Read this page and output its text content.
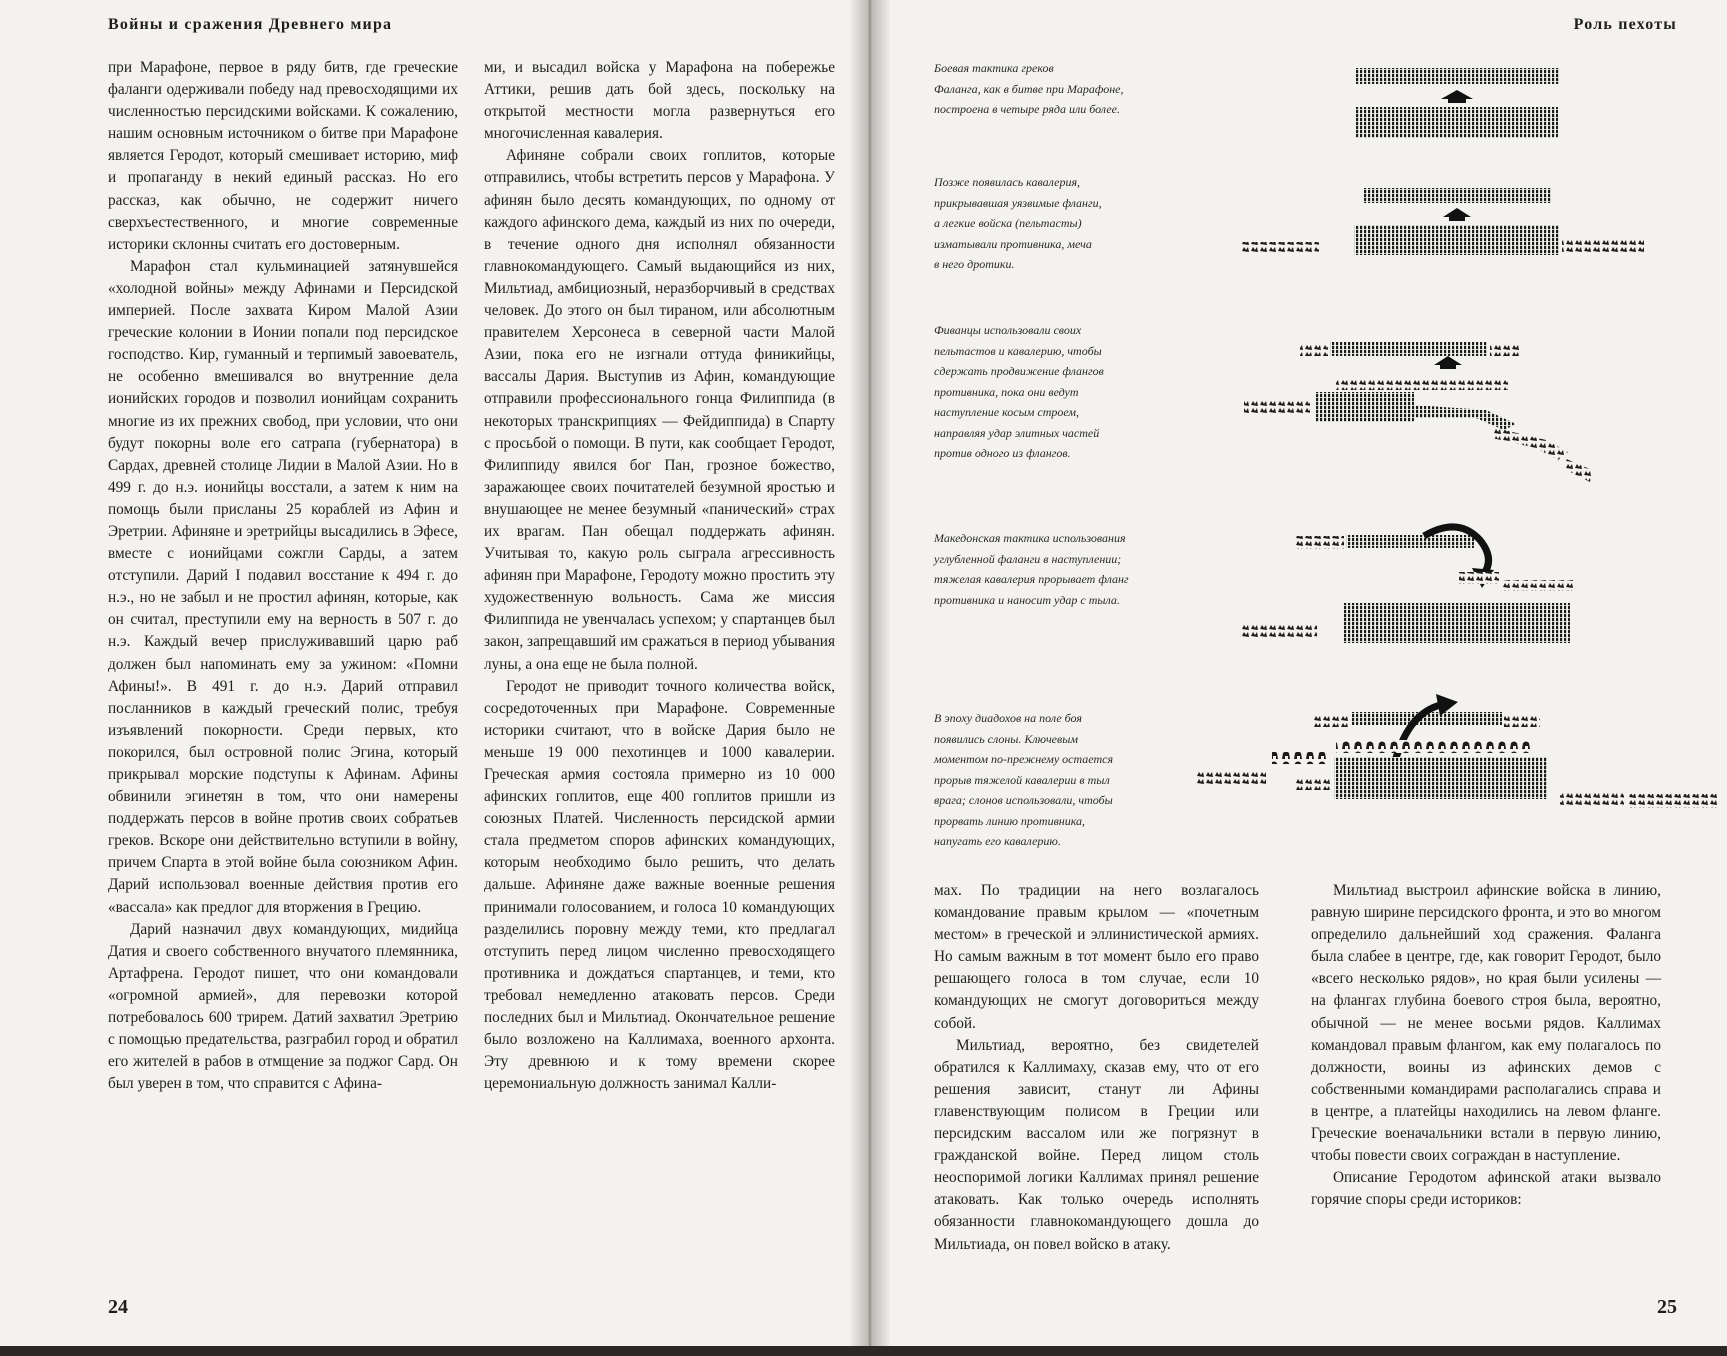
Войны и сражения Древнего мира

при Марафоне, первое в ряду битв, где греческие фаланги одерживали победу над превосходящими их численностью персидскими войсками. К сожалению, нашим основным источником о битве при Марафоне является Геродот, который смешивает историю, миф и пропаганду в некий единый рассказ. Но его рассказ, как обычно, не содержит ничего сверхъестественного, и многие современные историки склонны считать его достоверным.

Марафон стал кульминацией затянувшейся «холодной войны» между Афинами и Персидской империей. После захвата Киром Малой Азии греческие колонии в Ионии попали под персидское господство. Кир, гуманный и терпимый завоеватель, не особенно вмешивался во внутренние дела ионийских городов и позволил ионийцам сохранить многие из их прежних свобод, при условии, что они будут покорны воле его сатрапа (губернатора) в Сардах, древней столице Лидии в Малой Азии. Но в 499 г. до н.э. ионийцы восстали, а затем к ним на помощь были присланы 25 кораблей из Афин и Эретрии. Афиняне и эретрийцы высадились в Эфесе, вместе с ионийцами сожгли Сарды, а затем отступили. Дарий I подавил восстание к 494 г. до н.э., но не забыл и не простил афинян, которые, как он считал, преступили ему на верность в 507 г. до н.э. Каждый вечер прислуживавший царю раб должен был напоминать ему за ужином: «Помни Афины!». В 491 г. до н.э. Дарий отправил посланников в каждый греческий полис, требуя изъявлений покорности. Среди первых, кто покорился, был островной полис Эгина, который прикрывал морские подступы к Афинам. Афины обвинили эгинетян в том, что они намерены поддержать персов в войне против своих собратьев греков. Вскоре они действительно вступили в войну, причем Спарта в этой войне была союзником Афин. Дарий использовал военные действия против его «вассала» как предлог для вторжения в Грецию.

Дарий назначил двух командующих, мидийца Датия и своего собственного внучатого племянника, Артафрена. Геродот пишет, что они командовали «огромной армией», для перевозки которой потребовалось 600 трирем. Датий захватил Эретрию с помощью предательства, разграбил город и обратил его жителей в рабов в отмщение за поджог Сард. Он был уверен в том, что справится с Афина-

ми, и высадил войска у Марафона на побережье Аттики, решив дать бой здесь, поскольку на открытой местности могла развернуться его многочисленная кавалерия.

Афиняне собрали своих гоплитов, которые отправились, чтобы встретить персов у Марафона. У афинян было десять командующих, по одному от каждого афинского дема, каждый из них по очереди, в течение одного дня исполнял обязанности главнокомандующего. Самый выдающийся из них, Мильтиад, амбициозный, неразборчивый в средствах человек. До этого он был тираном, или абсолютным правителем Херсонеса в северной части Малой Азии, пока его не изгнали оттуда финикийцы, вассалы Дария. Выступив из Афин, командующие отправили профессионального гонца Филиппида (в некоторых транскрипциях — Фейдиппида) в Спарту с просьбой о помощи. В пути, как сообщает Геродот, Филиппиду явился бог Пан, грозное божество, заражающее своих почитателей безумной яростью и внушающее не менее безумный «панический» страх их врагам. Пан обещал поддержать афинян. Учитывая то, какую роль сыграла агрессивность афинян при Марафоне, Геродоту можно простить эту художественную вольность. Сама же миссия Филиппида не увенчалась успехом; у спартанцев был закон, запрещавший им сражаться в период убывания луны, а она еще не была полной.

Геродот не приводит точного количества войск, сосредоточенных при Марафоне. Современные историки считают, что в войске Дария было не меньше 19 000 пехотинцев и 1000 кавалерии. Греческая армия состояла примерно из 10 000 афинских гоплитов, еще 400 гоплитов пришли из союзных Платей. Численность персидской армии стала предметом споров афинских командующих, которым необходимо было решить, что делать дальше. Афиняне даже важные военные решения принимали голосованием, и голоса 10 командующих разделились поровну между теми, кто предлагал отступить перед лицом численно превосходящего противника и дождаться спартанцев, и теми, кто требовал немедленно атаковать персов. Среди последних был и Мильтиад. Окончательное решение было возложено на Каллимаха, военного архонта. Эту древнюю и к тому времени скорее церемониальную должность занимал Калли-

24
Роль пехоты
Боевая тактика греков
Фаланга, как в битве при Марафоне,
построена в четыре ряда или более.
Позже появилась кавалерия,
прикрывавшая уязвимые фланги,
а легкие войска (пельтасты)
изматывали противника, меча
в него дротики.
Фиванцы использовали своих
пельтастов и кавалерию, чтобы
сдержать продвижение флангов
противника, пока они ведут
наступление косым строем,
направляя удар элитных частей
против одного из флангов.
Македонская тактика использования
углубленной фаланги в наступлении;
тяжелая кавалерия прорывает фланг
противника и наносит удар с тыла.
В эпоху диадохов на поле боя
появились слоны. Ключевым
моментом по-прежнему остается
прорыв тяжелой кавалерии в тыл
врага; слонов использовали, чтобы
прорвать линию противника,
напугать его кавалерию.

мах. По традиции на него возлагалось командование правым крылом — «почетным местом» в греческой и эллинистической армиях. Но самым важным в тот момент было его право решающего голоса в том случае, если 10 командующих не смогут договориться между собой.

Мильтиад, вероятно, без свидетелей обратился к Каллимаху, сказав ему, что от его решения зависит, станут ли Афины главенствующим полисом в Греции или персидским вассалом или же погрязнут в гражданской войне. Перед лицом столь неоспоримой логики Каллимах принял решение атаковать. Как только очередь исполнять обязанности главнокомандующего дошла до Мильтиада, он повел войско в атаку.

Мильтиад выстроил афинские войска в линию, равную ширине персидского фронта, и это во многом определило дальнейший ход сражения. Фаланга была слабее в центре, где, как говорит Геродот, было «всего несколько рядов», но края были усилены — на флангах глубина боевого строя была, вероятно, обычной — не менее восьми рядов. Каллимах командовал правым флангом, как ему полагалось по должности, воины из афинских демов с собственными командирами располагались справа и в центре, а платейцы находились на левом фланге. Греческие военачальники встали в первую линию, чтобы повести своих сограждан в наступление.

Описание Геродотом афинской атаки вызвало горячие споры среди историков:

25
